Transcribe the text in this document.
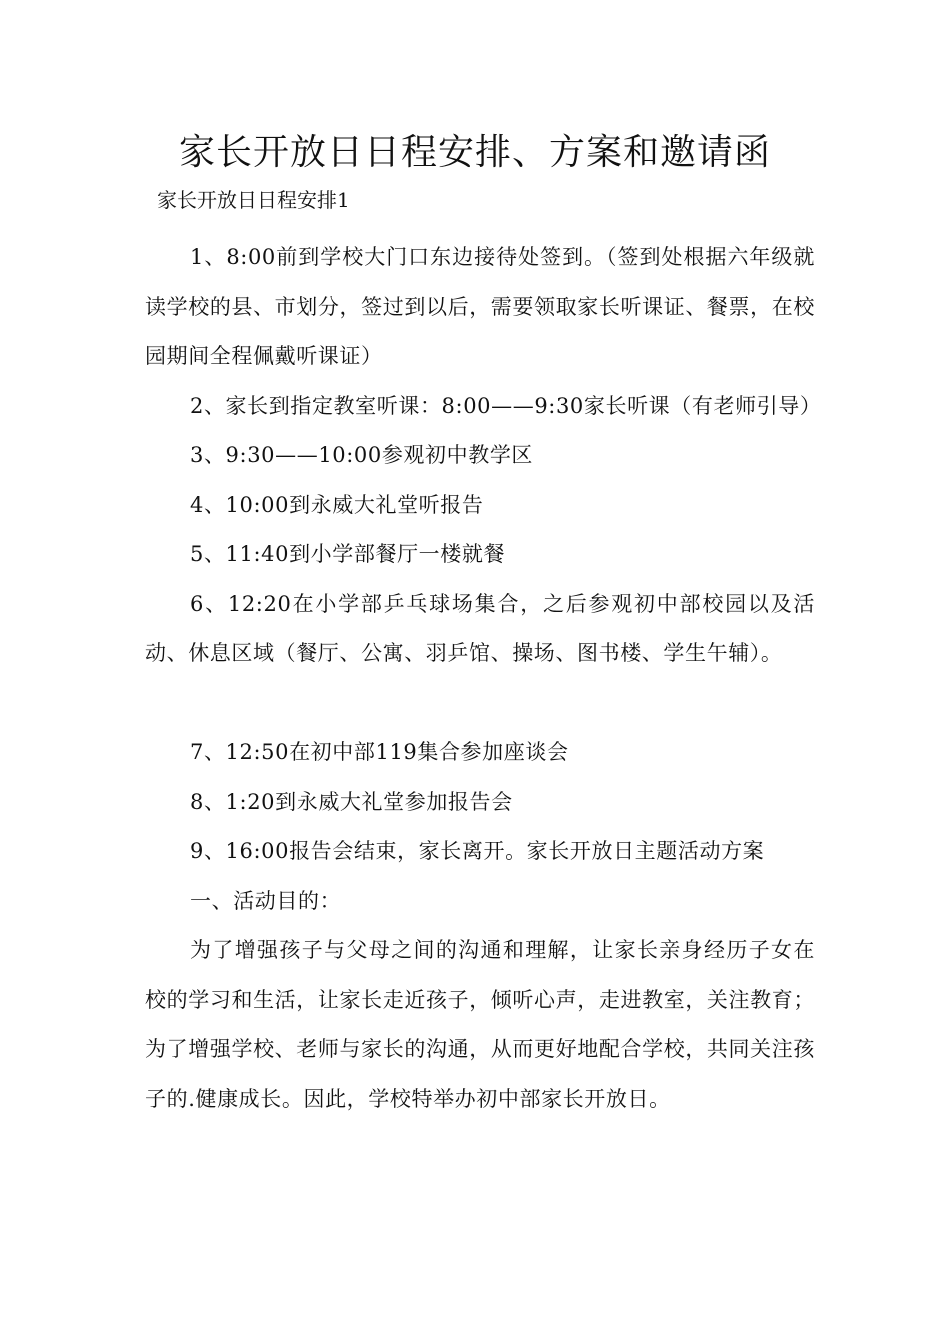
家长开放日日程安排、方案和邀请函

家长开放日日程安排1

1、8:00前到学校大门口东边接待处签到。（签到处根据六年级就读学校的县、市划分，签过到以后，需要领取家长听课证、餐票，在校园期间全程佩戴听课证）

2、家长到指定教室听课：8:00——9:30家长听课（有老师引导）

3、9:30——10:00参观初中教学区

4、10:00到永威大礼堂听报告

5、11:40到小学部餐厅一楼就餐

6、12:20在小学部乒乓球场集合，之后参观初中部校园以及活动、休息区域（餐厅、公寓、羽乒馆、操场、图书楼、学生午辅）。

7、12:50在初中部119集合参加座谈会

8、1:20到永威大礼堂参加报告会

9、16:00报告会结束，家长离开。家长开放日主题活动方案

一、活动目的：

为了增强孩子与父母之间的沟通和理解，让家长亲身经历子女在校的学习和生活，让家长走近孩子，倾听心声，走进教室，关注教育；为了增强学校、老师与家长的沟通，从而更好地配合学校，共同关注孩子的.健康成长。因此，学校特举办初中部家长开放日。
